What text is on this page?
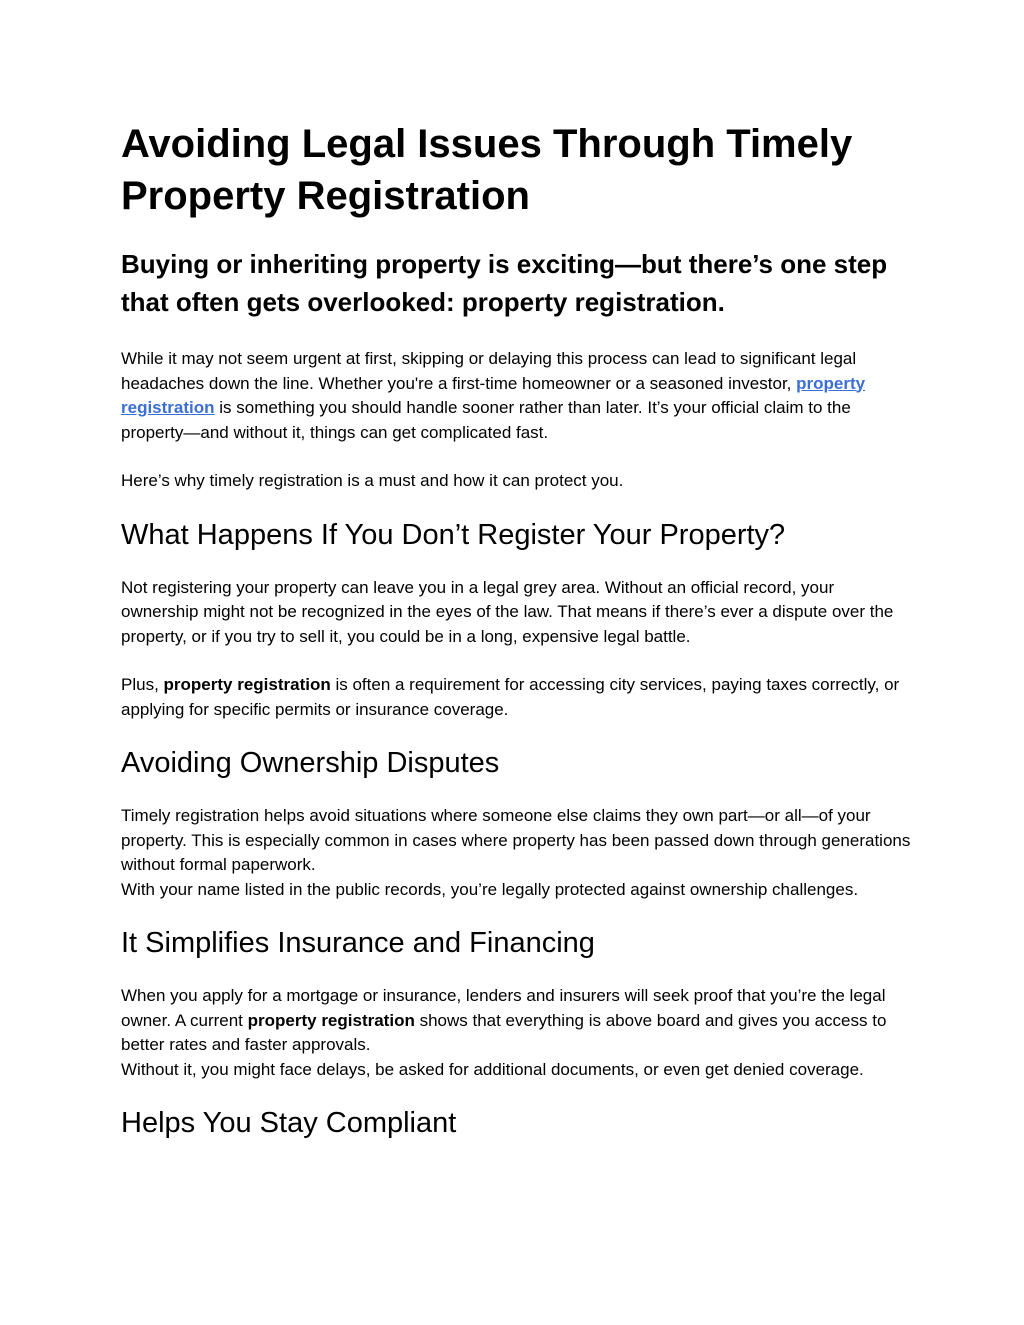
Avoiding Legal Issues Through Timely Property Registration
Buying or inheriting property is exciting—but there’s one step that often gets overlooked: property registration.

While it may not seem urgent at first, skipping or delaying this process can lead to significant legal headaches down the line. Whether you're a first-time homeowner or a seasoned investor, property registration is something you should handle sooner rather than later. It’s your official claim to the property—and without it, things can get complicated fast.

Here’s why timely registration is a must and how it can protect you.

What Happens If You Don’t Register Your Property?

Not registering your property can leave you in a legal grey area. Without an official record, your ownership might not be recognized in the eyes of the law. That means if there’s ever a dispute over the property, or if you try to sell it, you could be in a long, expensive legal battle.

Plus, property registration is often a requirement for accessing city services, paying taxes correctly, or applying for specific permits or insurance coverage.

Avoiding Ownership Disputes

Timely registration helps avoid situations where someone else claims they own part—or all—of your property. This is especially common in cases where property has been passed down through generations without formal paperwork.

With your name listed in the public records, you’re legally protected against ownership challenges.

It Simplifies Insurance and Financing

When you apply for a mortgage or insurance, lenders and insurers will seek proof that you’re the legal owner. A current property registration shows that everything is above board and gives you access to better rates and faster approvals.

Without it, you might face delays, be asked for additional documents, or even get denied coverage.

Helps You Stay Compliant
